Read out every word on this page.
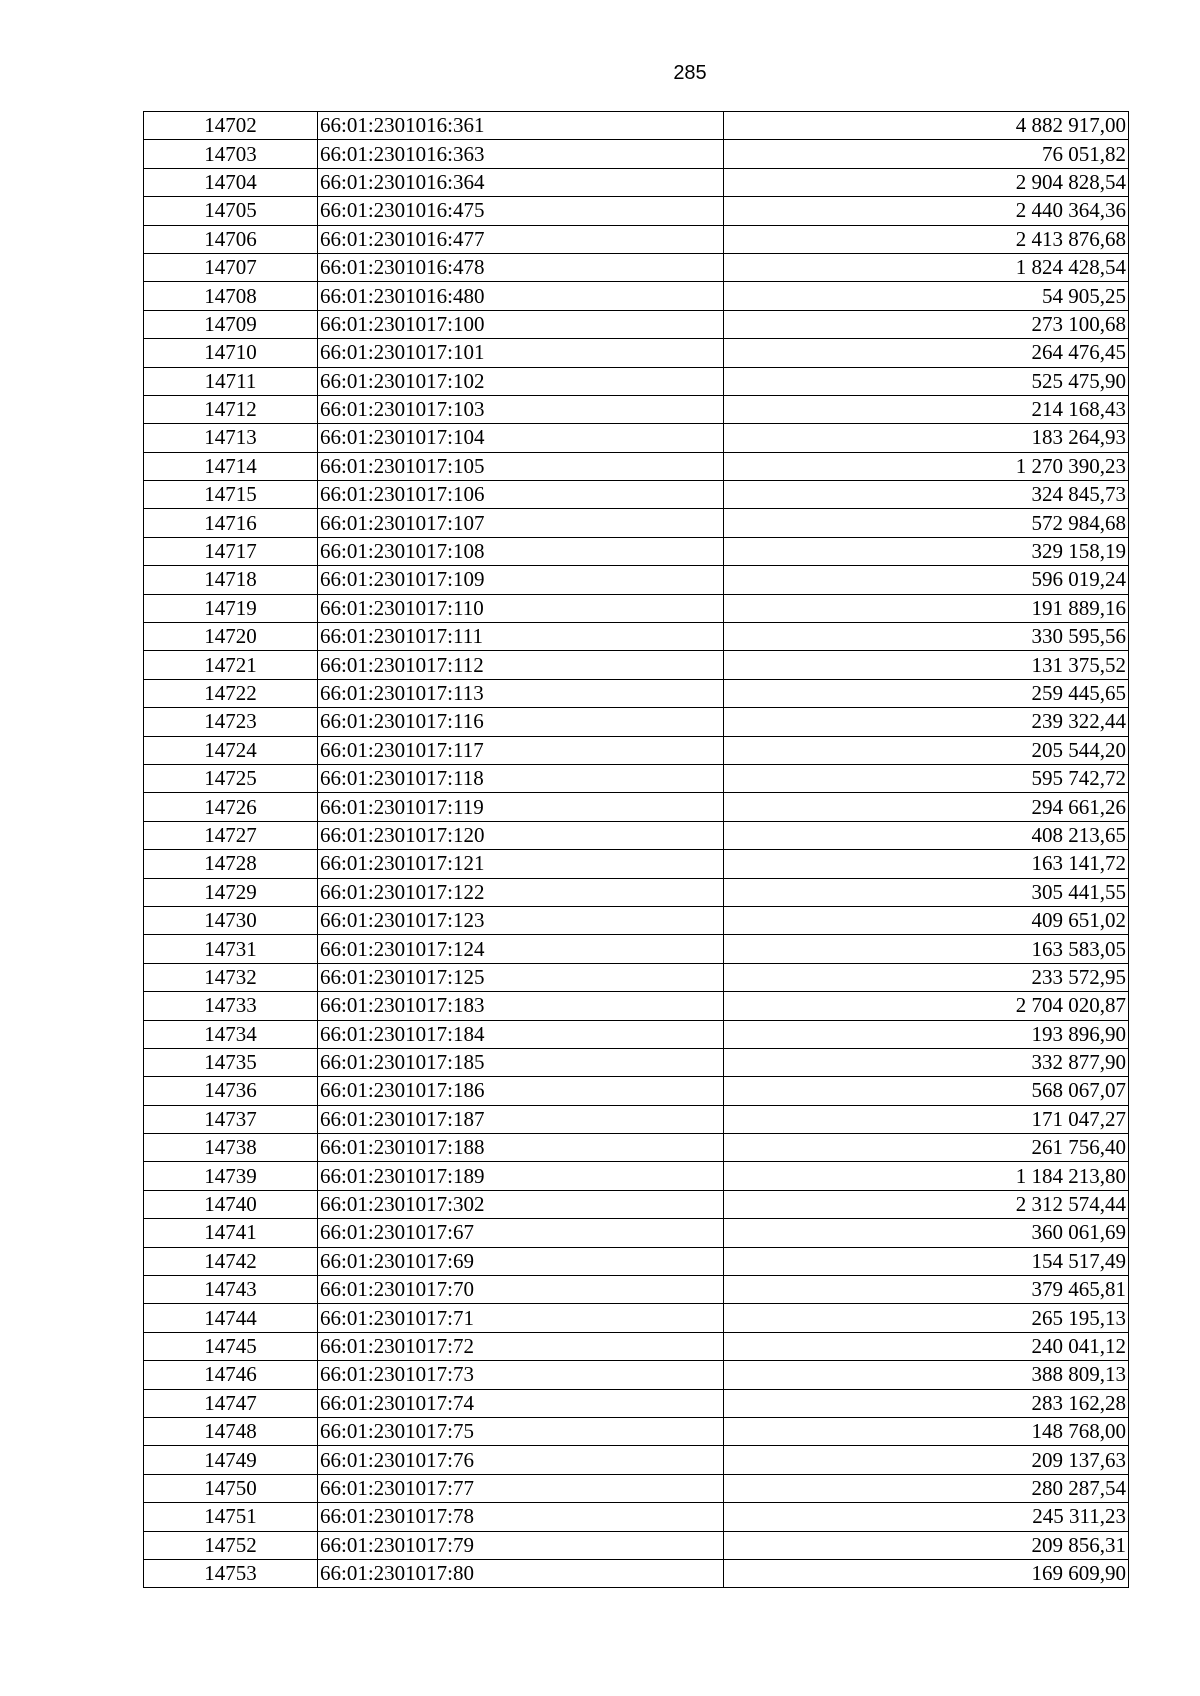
285
14702	66:01:2301016:361	4 882 917,00
14703	66:01:2301016:363	76 051,82
14704	66:01:2301016:364	2 904 828,54
14705	66:01:2301016:475	2 440 364,36
14706	66:01:2301016:477	2 413 876,68
14707	66:01:2301016:478	1 824 428,54
14708	66:01:2301016:480	54 905,25
14709	66:01:2301017:100	273 100,68
14710	66:01:2301017:101	264 476,45
14711	66:01:2301017:102	525 475,90
14712	66:01:2301017:103	214 168,43
14713	66:01:2301017:104	183 264,93
14714	66:01:2301017:105	1 270 390,23
14715	66:01:2301017:106	324 845,73
14716	66:01:2301017:107	572 984,68
14717	66:01:2301017:108	329 158,19
14718	66:01:2301017:109	596 019,24
14719	66:01:2301017:110	191 889,16
14720	66:01:2301017:111	330 595,56
14721	66:01:2301017:112	131 375,52
14722	66:01:2301017:113	259 445,65
14723	66:01:2301017:116	239 322,44
14724	66:01:2301017:117	205 544,20
14725	66:01:2301017:118	595 742,72
14726	66:01:2301017:119	294 661,26
14727	66:01:2301017:120	408 213,65
14728	66:01:2301017:121	163 141,72
14729	66:01:2301017:122	305 441,55
14730	66:01:2301017:123	409 651,02
14731	66:01:2301017:124	163 583,05
14732	66:01:2301017:125	233 572,95
14733	66:01:2301017:183	2 704 020,87
14734	66:01:2301017:184	193 896,90
14735	66:01:2301017:185	332 877,90
14736	66:01:2301017:186	568 067,07
14737	66:01:2301017:187	171 047,27
14738	66:01:2301017:188	261 756,40
14739	66:01:2301017:189	1 184 213,80
14740	66:01:2301017:302	2 312 574,44
14741	66:01:2301017:67	360 061,69
14742	66:01:2301017:69	154 517,49
14743	66:01:2301017:70	379 465,81
14744	66:01:2301017:71	265 195,13
14745	66:01:2301017:72	240 041,12
14746	66:01:2301017:73	388 809,13
14747	66:01:2301017:74	283 162,28
14748	66:01:2301017:75	148 768,00
14749	66:01:2301017:76	209 137,63
14750	66:01:2301017:77	280 287,54
14751	66:01:2301017:78	245 311,23
14752	66:01:2301017:79	209 856,31
14753	66:01:2301017:80	169 609,90
